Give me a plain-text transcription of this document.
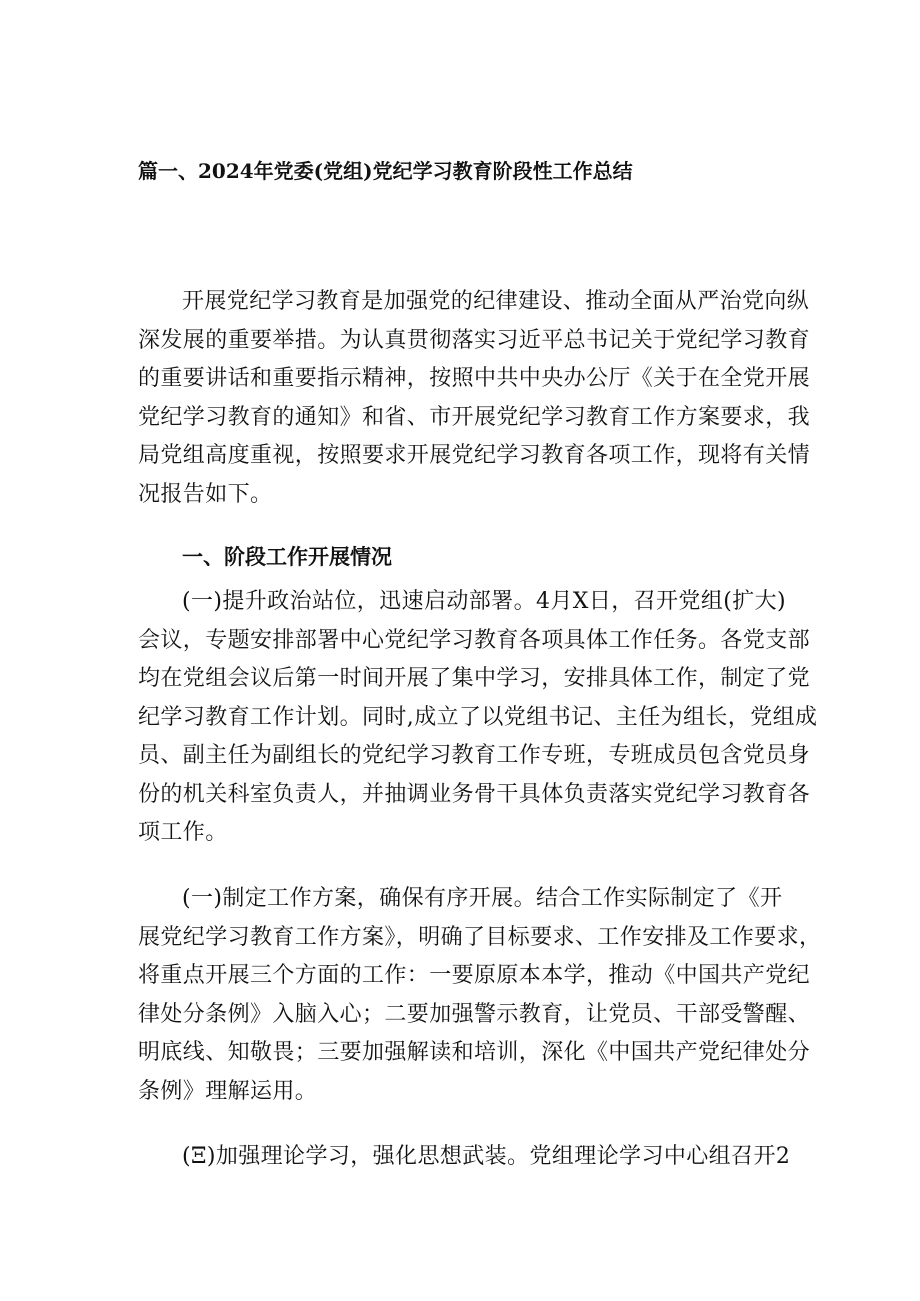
篇一、2024年党委(党组)党纪学习教育阶段性工作总结
开展党纪学习教育是加强党的纪律建设、推动全面从严治党向纵
深发展的重要举措。为认真贯彻落实习近平总书记关于党纪学习教育
的重要讲话和重要指示精神，按照中共中央办公厅《关于在全党开展
党纪学习教育的通知》和省、市开展党纪学习教育工作方案要求，我
局党组高度重视，按照要求开展党纪学习教育各项工作，现将有关情
况报告如下。
一、阶段工作开展情况
(一)提升政治站位，迅速启动部署。4月X日，召开党组(扩大)
会议，专题安排部署中心党纪学习教育各项具体工作任务。各党支部
均在党组会议后第一时间开展了集中学习，安排具体工作，制定了党
纪学习教育工作计划。同时,成立了以党组书记、主任为组长，党组成
员、副主任为副组长的党纪学习教育工作专班，专班成员包含党员身
份的机关科室负责人，并抽调业务骨干具体负责落实党纪学习教育各
项工作。
(一)制定工作方案，确保有序开展。结合工作实际制定了《开
展党纪学习教育工作方案》，明确了目标要求、工作安排及工作要求，
将重点开展三个方面的工作：一要原原本本学，推动《中国共产党纪
律处分条例》入脑入心；二要加强警示教育，让党员、干部受警醒、
明底线、知敬畏；三要加强解读和培训，深化《中国共产党纪律处分
条例》理解运用。
(Ξ)加强理论学习，强化思想武装。党组理论学习中心组召开2
